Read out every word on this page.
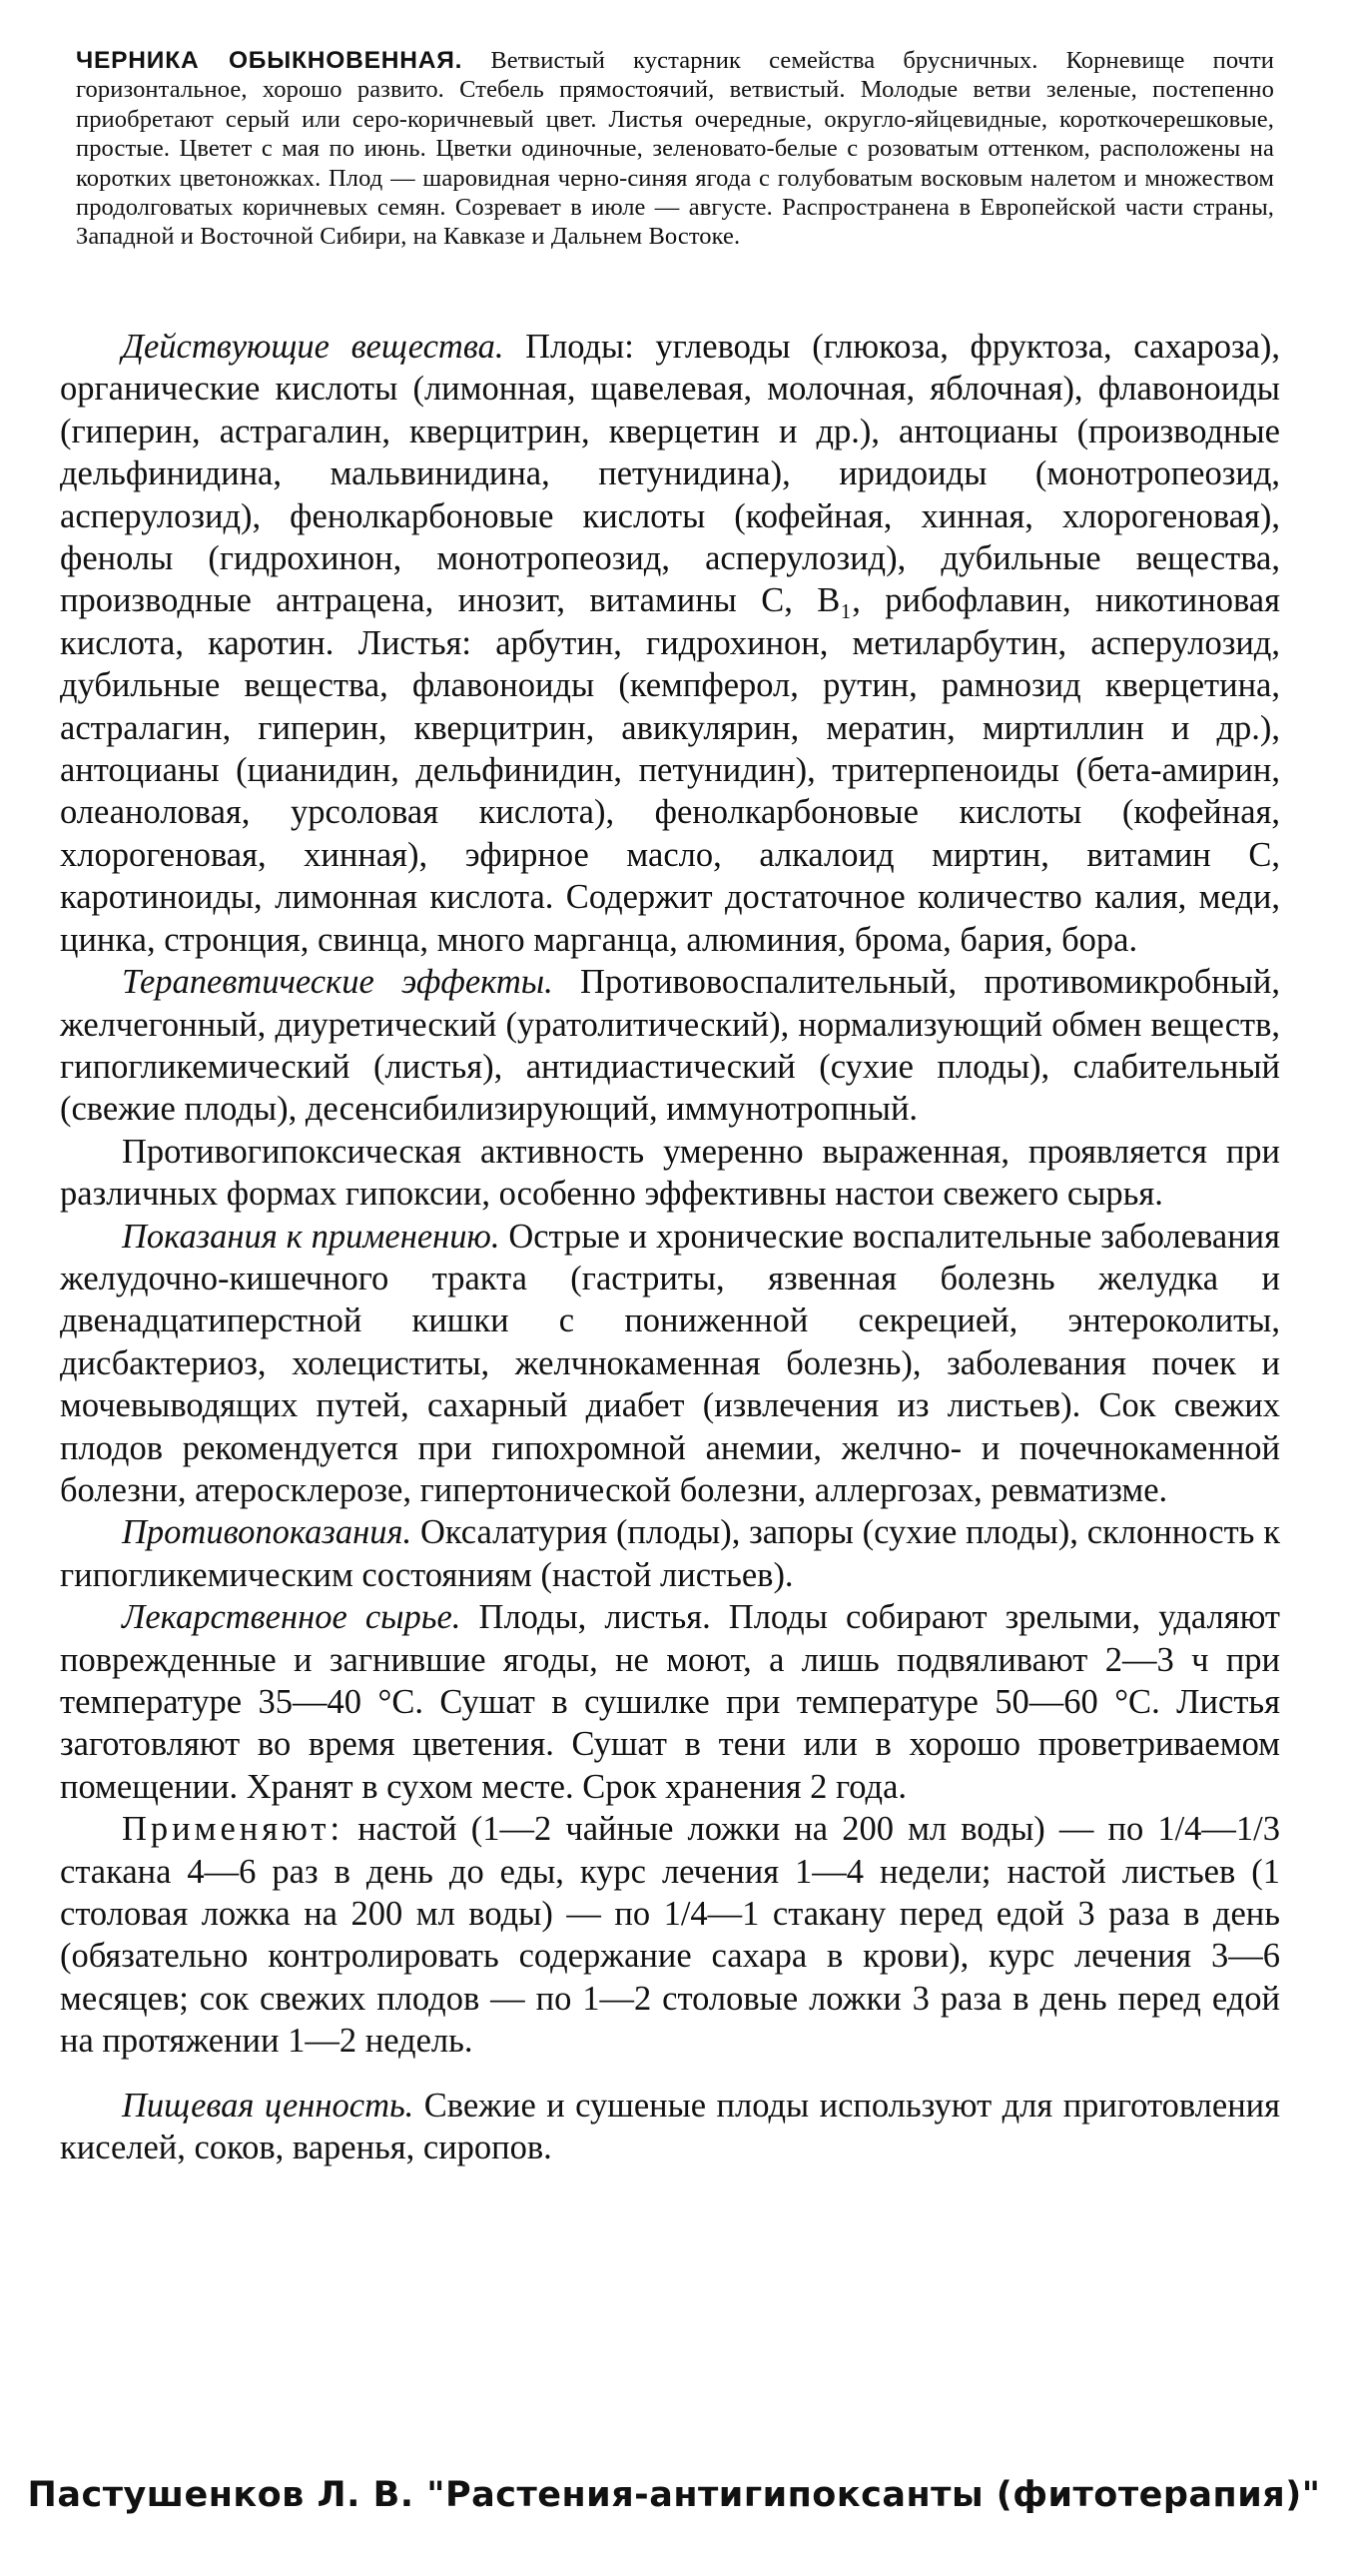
ЧЕРНИКА ОБЫКНОВЕННАЯ. Ветвистый кустарник семейства брусничных. Корневище почти горизонтальное, хорошо развито. Стебель прямостоячий, ветвистый. Молодые ветви зеленые, постепенно приобретают серый или серо-коричневый цвет. Листья очередные, округло-яйцевидные, короткочерешковые, простые. Цветет с мая по июнь. Цветки одиночные, зеленовато-белые с розоватым оттенком, расположены на коротких цветоножках. Плод — шаровидная черно-синяя ягода с голубоватым восковым налетом и множеством продолговатых коричневых семян. Созревает в июле — августе. Распространена в Европейской части страны, Западной и Восточной Сибири, на Кавказе и Дальнем Востоке.

Действующие вещества. Плоды: углеводы (глюкоза, фруктоза, сахароза), органические кислоты (лимонная, щавелевая, молочная, яблочная), флавоноиды (гиперин, астрагалин, кверцитрин, кверцетин и др.), антоцианы (производные дельфинидина, мальвинидина, петунидина), иридоиды (монотропеозид, асперулозид), фенолкарбоновые кислоты (кофейная, хинная, хлорогеновая), фенолы (гидрохинон, монотропеозид, асперулозид), дубильные вещества, производные антрацена, инозит, витамины С, B₁, рибофлавин, никотиновая кислота, каротин. Листья: арбутин, гидрохинон, метиларбутин, асперулозид, дубильные вещества, флавоноиды (кемпферол, рутин, рамнозид кверцетина, астралагин, гиперин, кверцитрин, авикулярин, мератин, миртиллин и др.), антоцианы (цианидин, дельфинидин, петунидин), тритерпеноиды (бета-амирин, олеаноловая, урсоловая кислота), фенолкарбоновые кислоты (кофейная, хлорогеновая, хинная), эфирное масло, алкалоид миртин, витамин С, каротиноиды, лимонная кислота. Содержит достаточное количество калия, меди, цинка, стронция, свинца, много марганца, алюминия, брома, бария, бора.

Терапевтические эффекты. Противовоспалительный, противомикробный, желчегонный, диуретический (уратолитический), нормализующий обмен веществ, гипогликемический (листья), антидиастический (сухие плоды), слабительный (свежие плоды), десенсибилизирующий, иммунотропный.

Противогипоксическая активность умеренно выраженная, проявляется при различных формах гипоксии, особенно эффективны настои свежего сырья.

Показания к применению. Острые и хронические воспалительные заболевания желудочно-кишечного тракта (гастриты, язвенная болезнь желудка и двенадцатиперстной кишки с пониженной секрецией, энтероколиты, дисбактериоз, холециститы, желчнокаменная болезнь), заболевания почек и мочевыводящих путей, сахарный диабет (извлечения из листьев). Сок свежих плодов рекомендуется при гипохромной анемии, желчно- и почечнокаменной болезни, атеросклерозе, гипертонической болезни, аллергозах, ревматизме.

Противопоказания. Оксалатурия (плоды), запоры (сухие плоды), склонность к гипогликемическим состояниям (настой листьев).

Лекарственное сырье. Плоды, листья. Плоды собирают зрелыми, удаляют поврежденные и загнившие ягоды, не моют, а лишь подвяливают 2—3 ч при температуре 35—40 °С. Сушат в сушилке при температуре 50—60 °С. Листья заготовляют во время цветения. Сушат в тени или в хорошо проветриваемом помещении. Хранят в сухом месте. Срок хранения 2 года.

Применяют: настой (1—2 чайные ложки на 200 мл воды) — по 1/4—1/3 стакана 4—6 раз в день до еды, курс лечения 1—4 недели; настой листьев (1 столовая ложка на 200 мл воды) — по 1/4—1 стакану перед едой 3 раза в день (обязательно контролировать содержание сахара в крови), курс лечения 3—6 месяцев; сок свежих плодов — по 1—2 столовые ложки 3 раза в день перед едой на протяжении 1—2 недель.

Пищевая ценность. Свежие и сушеные плоды используют для приготовления киселей, соков, варенья, сиропов.

Пастушенков Л. В. "Растения-антигипоксанты (фитотерапия)"
